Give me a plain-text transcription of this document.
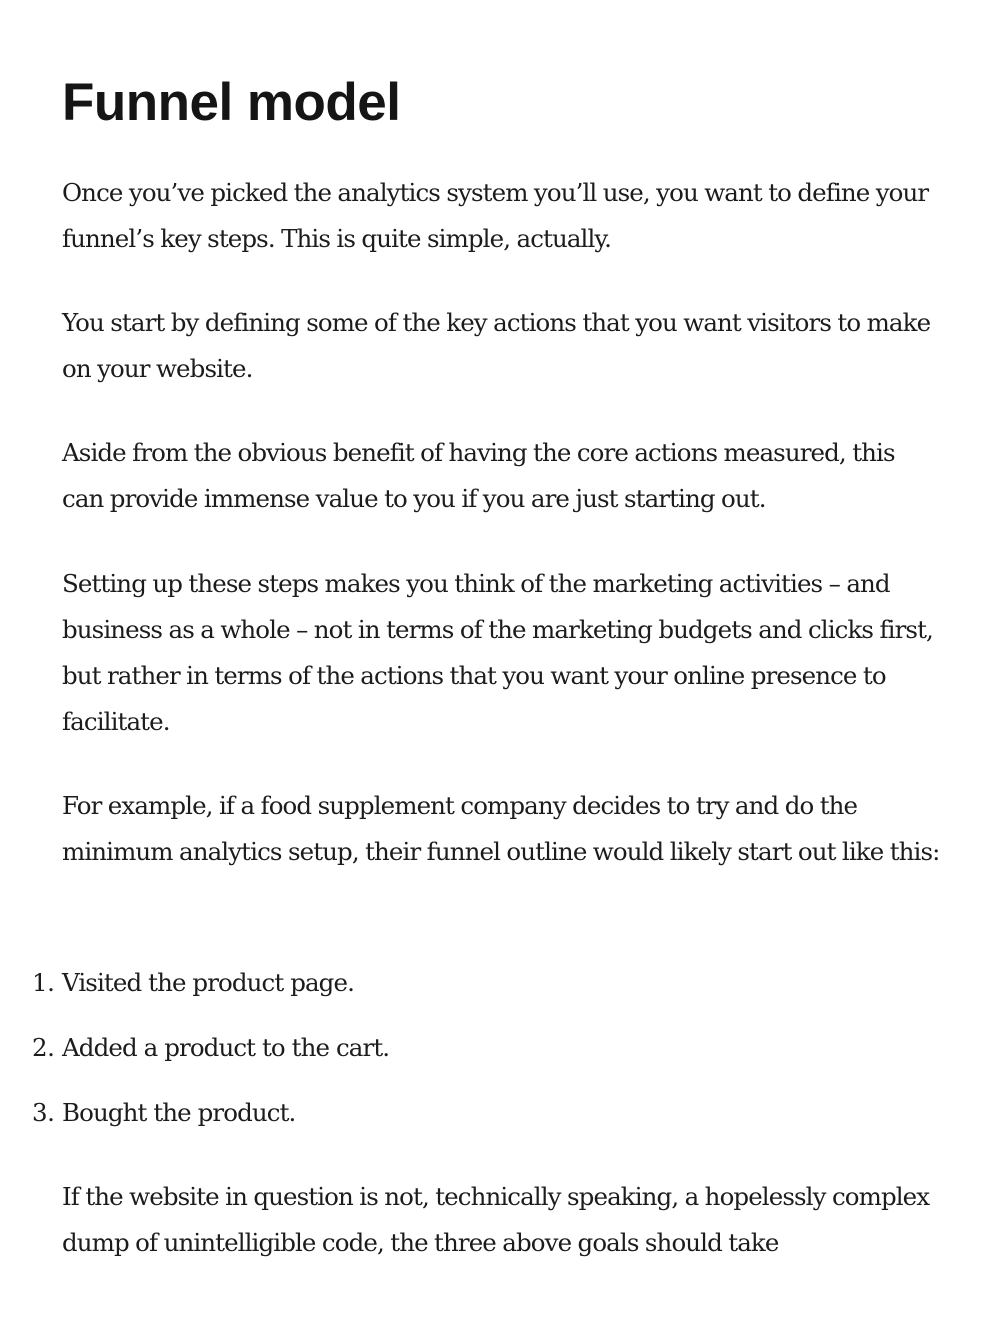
Funnel model

Once you’ve picked the analytics system you’ll use, you want to define your funnel’s key steps. This is quite simple, actually.

You start by defining some of the key actions that you want visitors to make on your website.

Aside from the obvious benefit of having the core actions measured, this can provide immense value to you if you are just starting out.

Setting up these steps makes you think of the marketing activities – and business as a whole – not in terms of the marketing budgets and clicks first, but rather in terms of the actions that you want your online presence to facilitate.

For example, if a food supplement company decides to try and do the minimum analytics setup, their funnel outline would likely start out like this:

1. Visited the product page.
2. Added a product to the cart.
3. Bought the product.

If the website in question is not, technically speaking, a hopelessly complex dump of unintelligible code, the three above goals should take
